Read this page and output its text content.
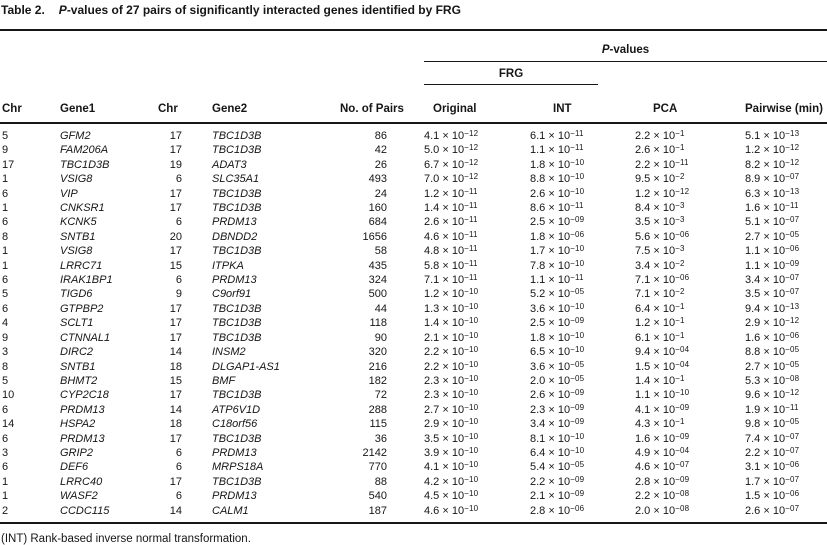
Table 2. P-values of 27 pairs of significantly interacted genes identified by FRG
					P-values			

					FRG			

Chr	Gene1	Chr	Gene2	No. of Pairs	Original	INT	PCA	Pairwise (min)
5	GFM2	17	TBC1D3B	86	$4.1 \times 10^{-12}$	$6.1 \times 10^{-11}$	$2.2 \times 10^{-1}$	$5.1 \times 10^{-13}$
9	FAM206A	17	TBC1D3B	42	$5.0 \times 10^{-12}$	$1.1 \times 10^{-11}$	$2.6 \times 10^{-1}$	$1.2 \times 10^{-12}$
17	TBC1D3B	19	ADAT3	26	$6.7 \times 10^{-12}$	$1.8 \times 10^{-10}$	$2.2 \times 10^{-11}$	$8.2 \times 10^{-12}$
1	VSIG8	6	SLC35A1	493	$7.0 \times 10^{-12}$	$8.8 \times 10^{-10}$	$9.5 \times 10^{-2}$	$8.9 \times 10^{-07}$
6	VIP	17	TBC1D3B	24	$1.2 \times 10^{-11}$	$2.6 \times 10^{-10}$	$1.2 \times 10^{-12}$	$6.3 \times 10^{-13}$
1	CNKSR1	17	TBC1D3B	160	$1.4 \times 10^{-11}$	$8.6 \times 10^{-11}$	$8.4 \times 10^{-3}$	$1.6 \times 10^{-11}$
6	KCNK5	6	PRDM13	684	$2.6 \times 10^{-11}$	$2.5 \times 10^{-09}$	$3.5 \times 10^{-3}$	$5.1 \times 10^{-07}$
8	SNTB1	20	DBNDD2	1656	$4.6 \times 10^{-11}$	$1.8 \times 10^{-06}$	$5.6 \times 10^{-06}$	$2.7 \times 10^{-05}$
1	VSIG8	17	TBC1D3B	58	$4.8 \times 10^{-11}$	$1.7 \times 10^{-10}$	$7.5 \times 10^{-3}$	$1.1 \times 10^{-06}$
1	LRRC71	15	ITPKA	435	$5.8 \times 10^{-11}$	$7.8 \times 10^{-10}$	$3.4 \times 10^{-2}$	$1.1 \times 10^{-09}$
6	IRAK1BP1	6	PRDM13	324	$7.1 \times 10^{-11}$	$1.1 \times 10^{-11}$	$7.1 \times 10^{-06}$	$3.4 \times 10^{-07}$
5	TIGD6	9	C9orf91	500	$1.2 \times 10^{-10}$	$5.2 \times 10^{-05}$	$7.1 \times 10^{-2}$	$3.5 \times 10^{-07}$
6	GTPBP2	17	TBC1D3B	44	$1.3 \times 10^{-10}$	$3.6 \times 10^{-10}$	$6.4 \times 10^{-1}$	$9.4 \times 10^{-13}$
4	SCLT1	17	TBC1D3B	118	$1.4 \times 10^{-10}$	$2.5 \times 10^{-09}$	$1.2 \times 10^{-1}$	$2.9 \times 10^{-12}$
9	CTNNAL1	17	TBC1D3B	90	$2.1 \times 10^{-10}$	$1.8 \times 10^{-10}$	$6.1 \times 10^{-1}$	$1.6 \times 10^{-06}$
3	DIRC2	14	INSM2	320	$2.2 \times 10^{-10}$	$6.5 \times 10^{-10}$	$9.4 \times 10^{-04}$	$8.8 \times 10^{-05}$
8	SNTB1	18	DLGAP1-AS1	216	$2.2 \times 10^{-10}$	$3.6 \times 10^{-05}$	$1.5 \times 10^{-04}$	$2.7 \times 10^{-05}$
5	BHMT2	15	BMF	182	$2.3 \times 10^{-10}$	$2.0 \times 10^{-05}$	$1.4 \times 10^{-1}$	$5.3 \times 10^{-08}$
10	CYP2C18	17	TBC1D3B	72	$2.3 \times 10^{-10}$	$2.6 \times 10^{-09}$	$1.1 \times 10^{-10}$	$9.6 \times 10^{-12}$
6	PRDM13	14	ATP6V1D	288	$2.7 \times 10^{-10}$	$2.3 \times 10^{-09}$	$4.1 \times 10^{-09}$	$1.9 \times 10^{-11}$
14	HSPA2	18	C18orf56	115	$2.9 \times 10^{-10}$	$3.4 \times 10^{-09}$	$4.3 \times 10^{-1}$	$9.8 \times 10^{-05}$
6	PRDM13	17	TBC1D3B	36	$3.5 \times 10^{-10}$	$8.1 \times 10^{-10}$	$1.6 \times 10^{-09}$	$7.4 \times 10^{-07}$
3	GRIP2	6	PRDM13	2142	$3.9 \times 10^{-10}$	$6.4 \times 10^{-10}$	$4.9 \times 10^{-04}$	$2.2 \times 10^{-07}$
6	DEF6	6	MRPS18A	770	$4.1 \times 10^{-10}$	$5.4 \times 10^{-05}$	$4.6 \times 10^{-07}$	$3.1 \times 10^{-06}$
1	LRRC40	17	TBC1D3B	88	$4.2 \times 10^{-10}$	$2.2 \times 10^{-09}$	$2.8 \times 10^{-09}$	$1.7 \times 10^{-07}$
1	WASF2	6	PRDM13	540	$4.5 \times 10^{-10}$	$2.1 \times 10^{-09}$	$2.2 \times 10^{-08}$	$1.5 \times 10^{-06}$
2	CCDC115	14	CALM1	187	$4.6 \times 10^{-10}$	$2.8 \times 10^{-06}$	$2.0 \times 10^{-08}$	$2.6 \times 10^{-07}$
(INT) Rank-based inverse normal transformation.
